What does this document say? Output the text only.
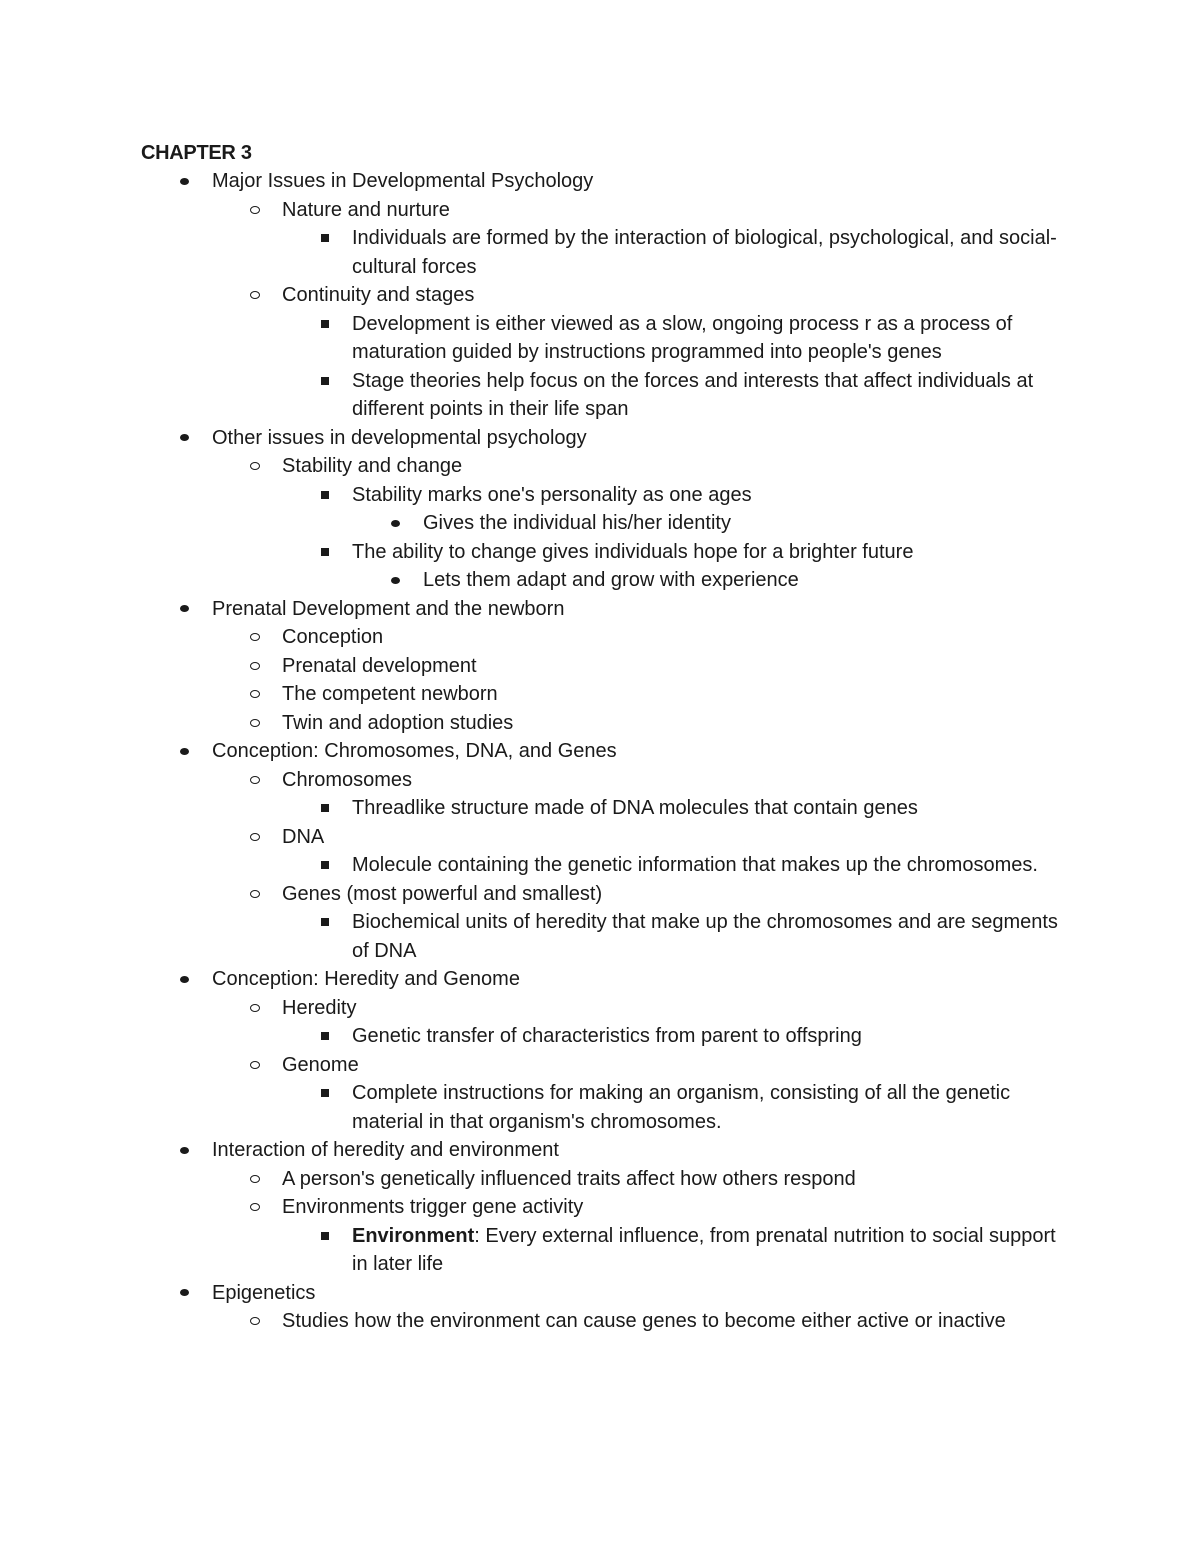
CHAPTER 3
Major Issues in Developmental Psychology
Nature and nurture
Individuals are formed by the interaction of biological, psychological, and social-cultural forces
Continuity and stages
Development is either viewed as a slow, ongoing process r as a process of maturation guided by instructions programmed into people's genes
Stage theories help focus on the forces and interests that affect individuals at different points in their life span
Other issues in developmental psychology
Stability and change
Stability marks one's personality as one ages
Gives the individual his/her identity
The ability to change gives individuals hope for a brighter future
Lets them adapt and grow with experience
Prenatal Development and the newborn
Conception
Prenatal development
The competent newborn
Twin and adoption studies
Conception: Chromosomes, DNA, and Genes
Chromosomes
Threadlike structure made of DNA molecules that contain genes
DNA
Molecule containing the genetic information that makes up the chromosomes.
Genes (most powerful and smallest)
Biochemical units of heredity that make up the chromosomes and are segments of DNA
Conception: Heredity and Genome
Heredity
Genetic transfer of characteristics from parent to offspring
Genome
Complete instructions for making an organism, consisting of all the genetic material in that organism's chromosomes.
Interaction of heredity and environment
A person's genetically influenced traits affect how others respond
Environments trigger gene activity
Environment: Every external influence, from prenatal nutrition to social support in later life
Epigenetics
Studies how the environment can cause genes to become either active or inactive
